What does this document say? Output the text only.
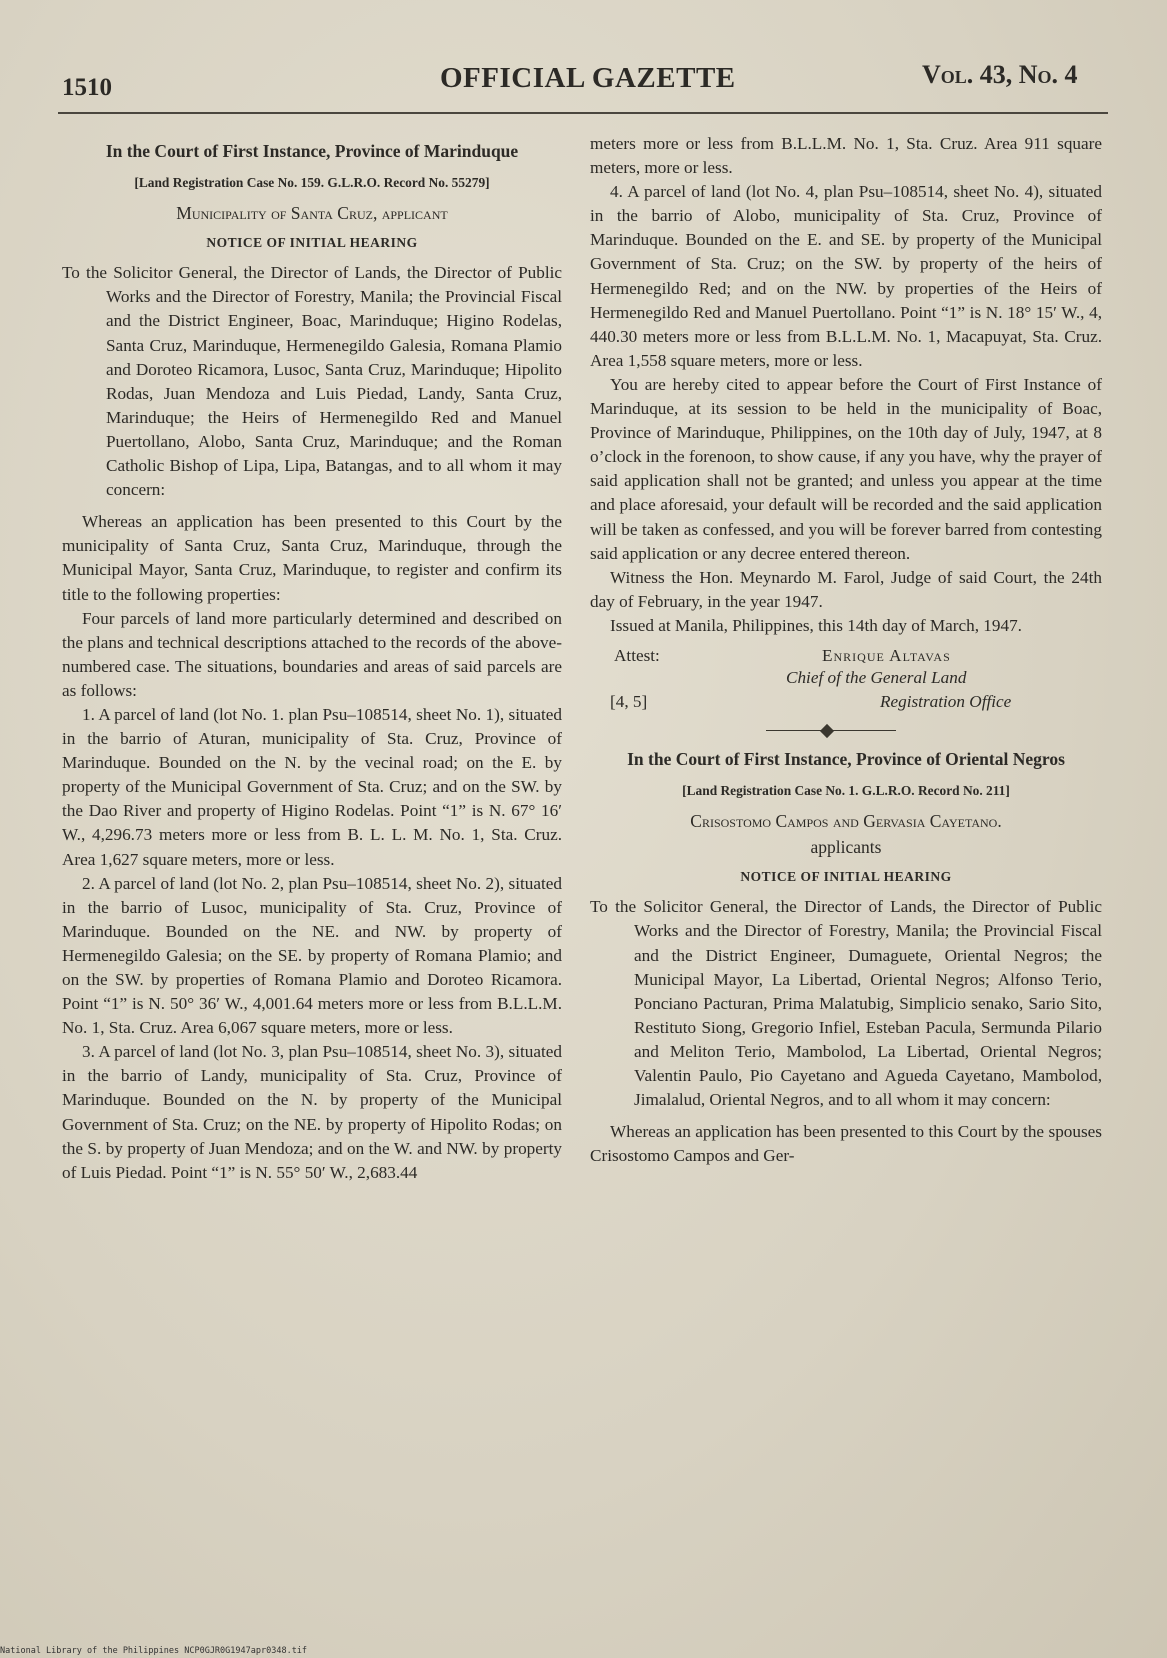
1510	OFFICIAL GAZETTE	Vol. 43, No. 4
In the Court of First Instance, Province of Marinduque
[Land Registration Case No. 159. G.L.R.O. Record No. 55279]
Municipality of Santa Cruz, applicant
NOTICE OF INITIAL HEARING

To the Solicitor General, the Director of Lands, the Director of Public Works and the Director of Forestry, Manila; the Provincial Fiscal and the District Engineer, Boac, Marinduque; Higino Rodelas, Santa Cruz, Marinduque, Hermenegildo Galesia, Romana Plamio and Doroteo Ricamora, Lusoc, Santa Cruz, Marinduque; Hipolito Rodas, Juan Mendoza and Luis Piedad, Landy, Santa Cruz, Marinduque; the Heirs of Hermenegildo Red and Manuel Puertollano, Alobo, Santa Cruz, Marinduque; and the Roman Catholic Bishop of Lipa, Lipa, Batangas, and to all whom it may concern:

Whereas an application has been presented to this Court by the municipality of Santa Cruz, Santa Cruz, Marinduque, through the Municipal Mayor, Santa Cruz, Marinduque, to register and confirm its title to the following properties:

Four parcels of land more particularly determined and described on the plans and technical descriptions attached to the records of the above-numbered case. The situations, boundaries and areas of said parcels are as follows:

1. A parcel of land (lot No. 1. plan Psu–108514, sheet No. 1), situated in the barrio of Aturan, municipality of Sta. Cruz, Province of Marinduque. Bounded on the N. by the vecinal road; on the E. by property of the Municipal Government of Sta. Cruz; and on the SW. by the Dao River and property of Higino Rodelas. Point “1” is N. 67° 16′ W., 4,296.73 meters more or less from B. L. L. M. No. 1, Sta. Cruz. Area 1,627 square meters, more or less.

2. A parcel of land (lot No. 2, plan Psu–108514, sheet No. 2), situated in the barrio of Lusoc, municipality of Sta. Cruz, Province of Marinduque. Bounded on the NE. and NW. by property of Hermenegildo Galesia; on the SE. by property of Romana Plamio; and on the SW. by properties of Romana Plamio and Doroteo Ricamora. Point “1” is N. 50° 36′ W., 4,001.64 meters more or less from B.L.L.M. No. 1, Sta. Cruz. Area 6,067 square meters, more or less.

3. A parcel of land (lot No. 3, plan Psu–108514, sheet No. 3), situated in the barrio of Landy, municipality of Sta. Cruz, Province of Marinduque. Bounded on the N. by property of the Municipal Government of Sta. Cruz; on the NE. by property of Hipolito Rodas; on the S. by property of Juan Mendoza; and on the W. and NW. by property of Luis Piedad. Point “1” is N. 55° 50′ W., 2,683.44

meters more or less from B.L.L.M. No. 1, Sta. Cruz. Area 911 square meters, more or less.

4. A parcel of land (lot No. 4, plan Psu–108514, sheet No. 4), situated in the barrio of Alobo, municipality of Sta. Cruz, Province of Marinduque. Bounded on the E. and SE. by property of the Municipal Government of Sta. Cruz; on the SW. by property of the heirs of Hermenegildo Red; and on the NW. by properties of the Heirs of Hermenegildo Red and Manuel Puertollano. Point “1” is N. 18° 15′ W., 4, 440.30 meters more or less from B.L.L.M. No. 1, Macapuyat, Sta. Cruz. Area 1,558 square meters, more or less.

You are hereby cited to appear before the Court of First Instance of Marinduque, at its session to be held in the municipality of Boac, Province of Marinduque, Philippines, on the 10th day of July, 1947, at 8 o’clock in the forenoon, to show cause, if any you have, why the prayer of said application shall not be granted; and unless you appear at the time and place aforesaid, your default will be recorded and the said application will be taken as confessed, and you will be forever barred from contesting said application or any decree entered thereon.

Witness the Hon. Meynardo M. Farol, Judge of said Court, the 24th day of February, in the year 1947.

Issued at Manila, Philippines, this 14th day of March, 1947.

Attest:	Enrique Altavas
Chief of the General Land
[4, 5]	Registration Office
In the Court of First Instance, Province of Oriental Negros
[Land Registration Case No. 1. G.L.R.O. Record No. 211]
Crisostomo Campos and Gervasia Cayetano.
applicants
NOTICE OF INITIAL HEARING

To the Solicitor General, the Director of Lands, the Director of Public Works and the Director of Forestry, Manila; the Provincial Fiscal and the District Engineer, Dumaguete, Oriental Negros; the Municipal Mayor, La Libertad, Oriental Negros; Alfonso Terio, Ponciano Pacturan, Prima Malatubig, Simplicio senako, Sario Sito, Restituto Siong, Gregorio Infiel, Esteban Pacula, Sermunda Pilario and Meliton Terio, Mambolod, La Libertad, Oriental Negros; Valentin Paulo, Pio Cayetano and Agueda Cayetano, Mambolod, Jimalalud, Oriental Negros, and to all whom it may concern:

Whereas an application has been presented to this Court by the spouses Crisostomo Campos and Ger-

National Library of the Philippines NCP0GJR0G1947apr0348.tif
